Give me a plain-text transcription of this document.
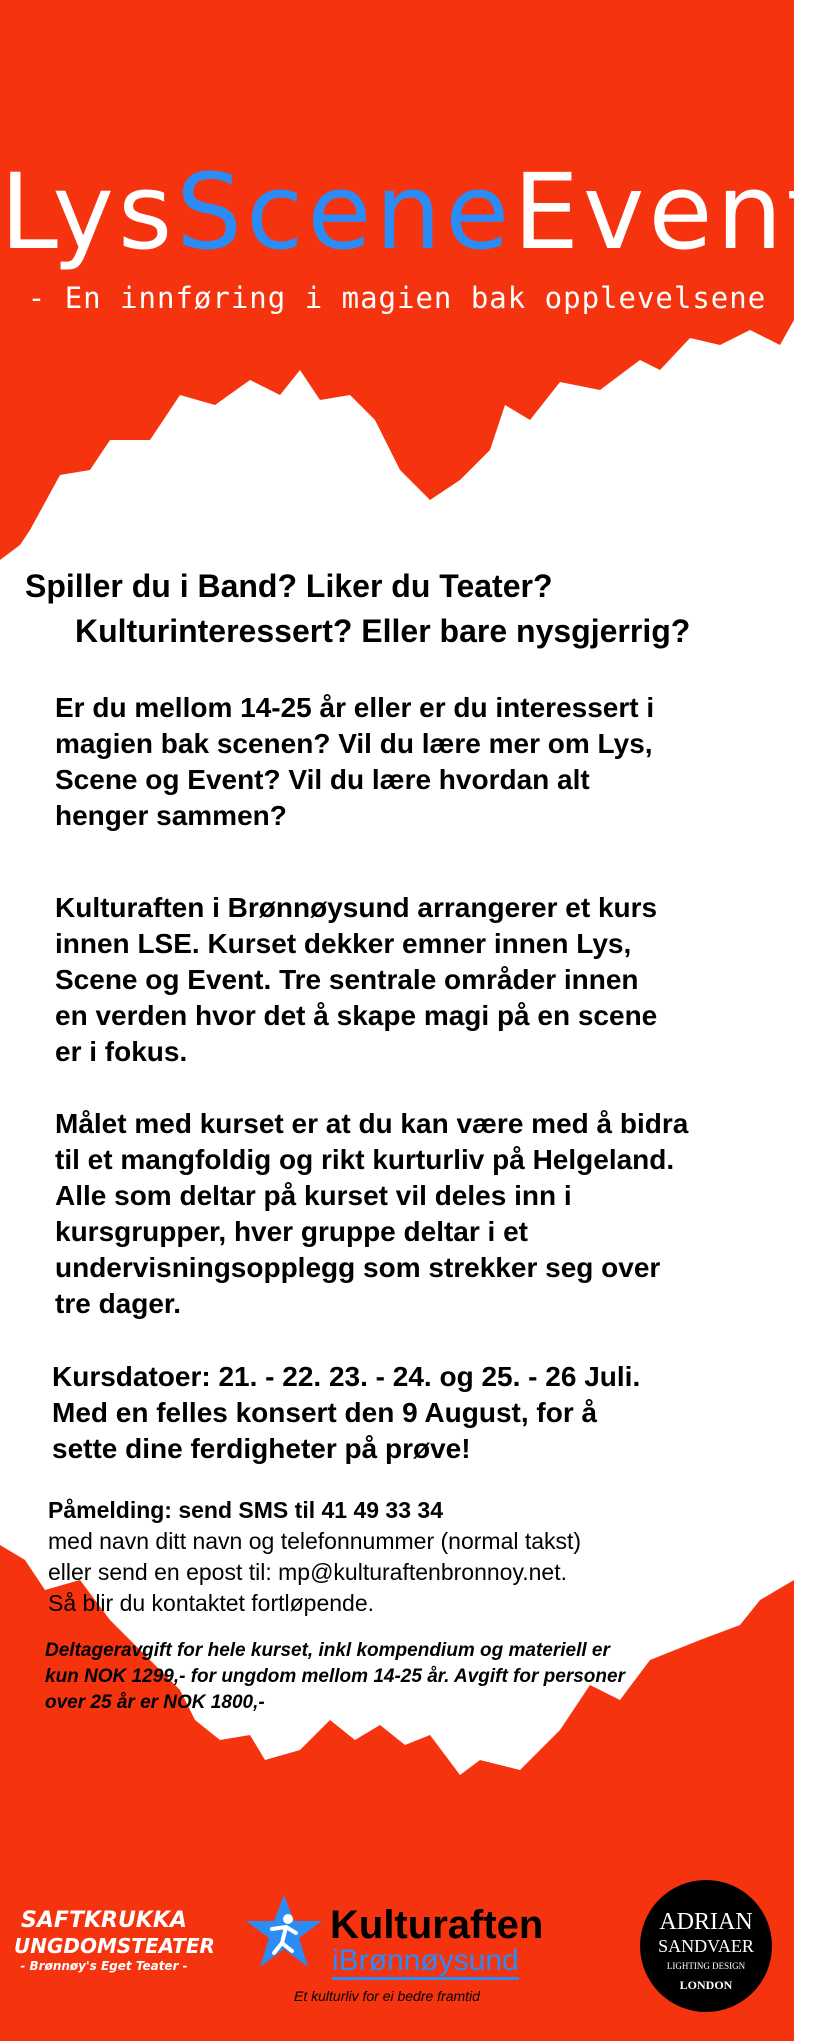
LysSceneEvent
- En innføring i magien bak opplevelsene
Spiller du i Band? Liker du Teater?
Kulturinteressert? Eller bare nysgjerrig?
Er du mellom 14-25 år eller er du interessert i
magien bak scenen? Vil du lære mer om Lys,
Scene og Event? Vil du lære hvordan alt
henger sammen?
Kulturaften i Brønnøysund arrangerer et kurs
innen LSE. Kurset dekker emner innen Lys,
Scene og Event. Tre sentrale områder innen
en verden hvor det å skape magi på en scene
er i fokus.
Målet med kurset er at du kan være med å bidra
til et mangfoldig og rikt kurturliv på Helgeland.
Alle som deltar på kurset vil deles inn i
kursgrupper, hver gruppe deltar i et
undervisningsopplegg som strekker seg over
tre dager.
Kursdatoer: 21. - 22. 23. - 24. og 25. - 26 Juli.
Med en felles konsert den 9 August, for å
sette dine ferdigheter på prøve!
Påmelding: send SMS til 41 49 33 34
med navn ditt navn og telefonnummer (normal takst)
eller send en epost til: mp@kulturaftenbronnoy.net.
Så blir du kontaktet fortløpende.
Deltageravgift for hele kurset, inkl kompendium og materiell er
kun NOK 1299,- for ungdom mellom 14-25 år. Avgift for personer
over 25 år er NOK 1800,-
SAFTKRUKKA
UNGDOMSTEATER
- Brønnøy's Eget Teater -
Kulturaften
iBrønnøysund
Et kulturliv for ei bedre framtid
ADRIAN
SANDVAER
LIGHTING DESIGN
LONDON
